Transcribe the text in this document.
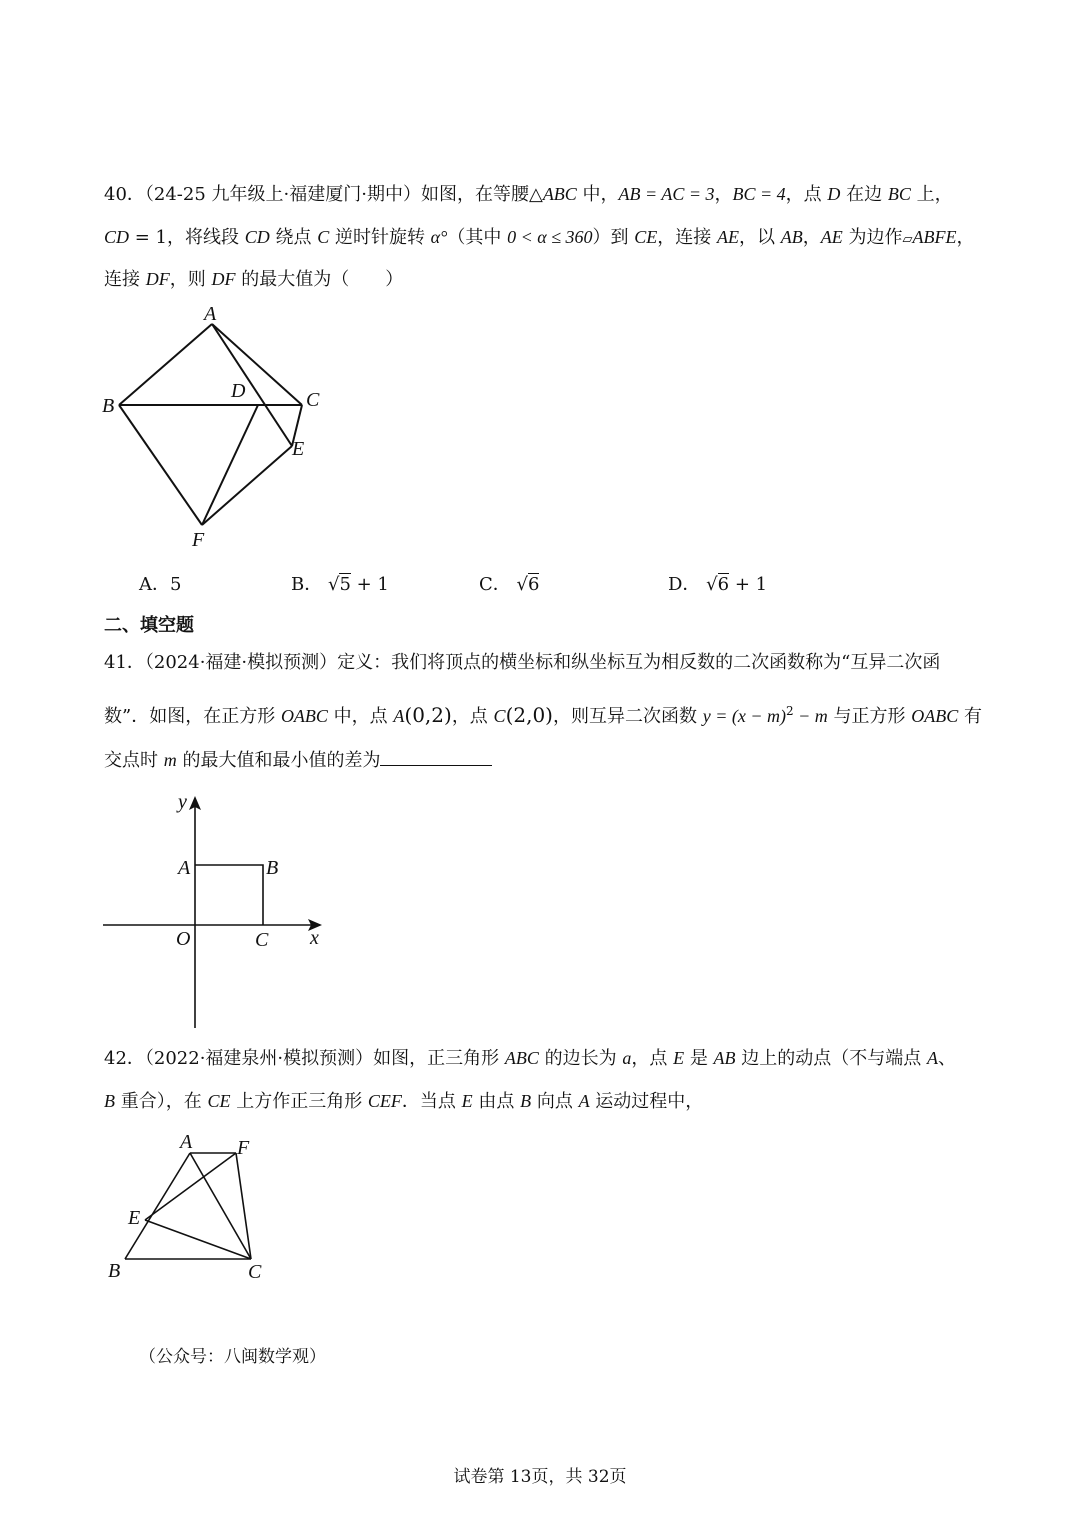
40．（24-25 九年级上·福建厦门·期中）如图，在等腰△ABC 中，AB = AC = 3，BC = 4，点 D 在边 BC 上，
CD = 1，将线段 CD 绕点 C 逆时针旋转 α°（其中 0 < α ≤ 360）到 CE，连接 AE，以 AB，AE 为边作▱ABFE，
连接 DF，则 DF 的最大值为（　　）
A
B	C
D
E
F
A．5	B． √5 + 1	C． √6	D． √6 + 1
二、填空题
41．（2024·福建·模拟预测）定义：我们将顶点的横坐标和纵坐标互为相反数的二次函数称为“互异二次函
数”．如图，在正方形 OABC 中，点 A(0,2)，点 C(2,0)，则互异二次函数 $y = (x - m)^2 - m$ 与正方形 OABC 有
交点时 m 的最大值和最小值的差为
y
x
O
A	B
C
42．（2022·福建泉州·模拟预测）如图，正三角形 ABC 的边长为 a，点 E 是 AB 边上的动点（不与端点 A、
B 重合），在 CE 上方作正三角形 CEF．当点 E 由点 B 向点 A 运动过程中，
A F
E
B	C
（公众号：八闽数学观）
试卷第 13页，共 32页
